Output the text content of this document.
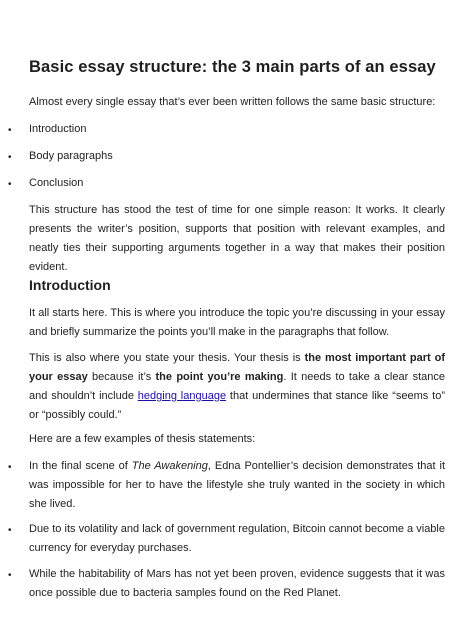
Basic essay structure: the 3 main parts of an essay

Almost every single essay that’s ever been written follows the same basic structure:

• Introduction

• Body paragraphs

• Conclusion

This structure has stood the test of time for one simple reason: It works. It clearly presents the writer’s position, supports that position with relevant examples, and neatly ties their supporting arguments together in a way that makes their position evident.

Introduction

It all starts here. This is where you introduce the topic you’re discussing in your essay and briefly summarize the points you’ll make in the paragraphs that follow.

This is also where you state your thesis. Your thesis is the most important part of your essay because it’s the point you’re making. It needs to take a clear stance and shouldn’t include hedging language that undermines that stance like “seems to” or “possibly could.”

Here are a few examples of thesis statements:

• In the final scene of The Awakening, Edna Pontellier’s decision demonstrates that it was impossible for her to have the lifestyle she truly wanted in the society in which she lived.

• Due to its volatility and lack of government regulation, Bitcoin cannot become a viable currency for everyday purchases.

• While the habitability of Mars has not yet been proven, evidence suggests that it was once possible due to bacteria samples found on the Red Planet.
